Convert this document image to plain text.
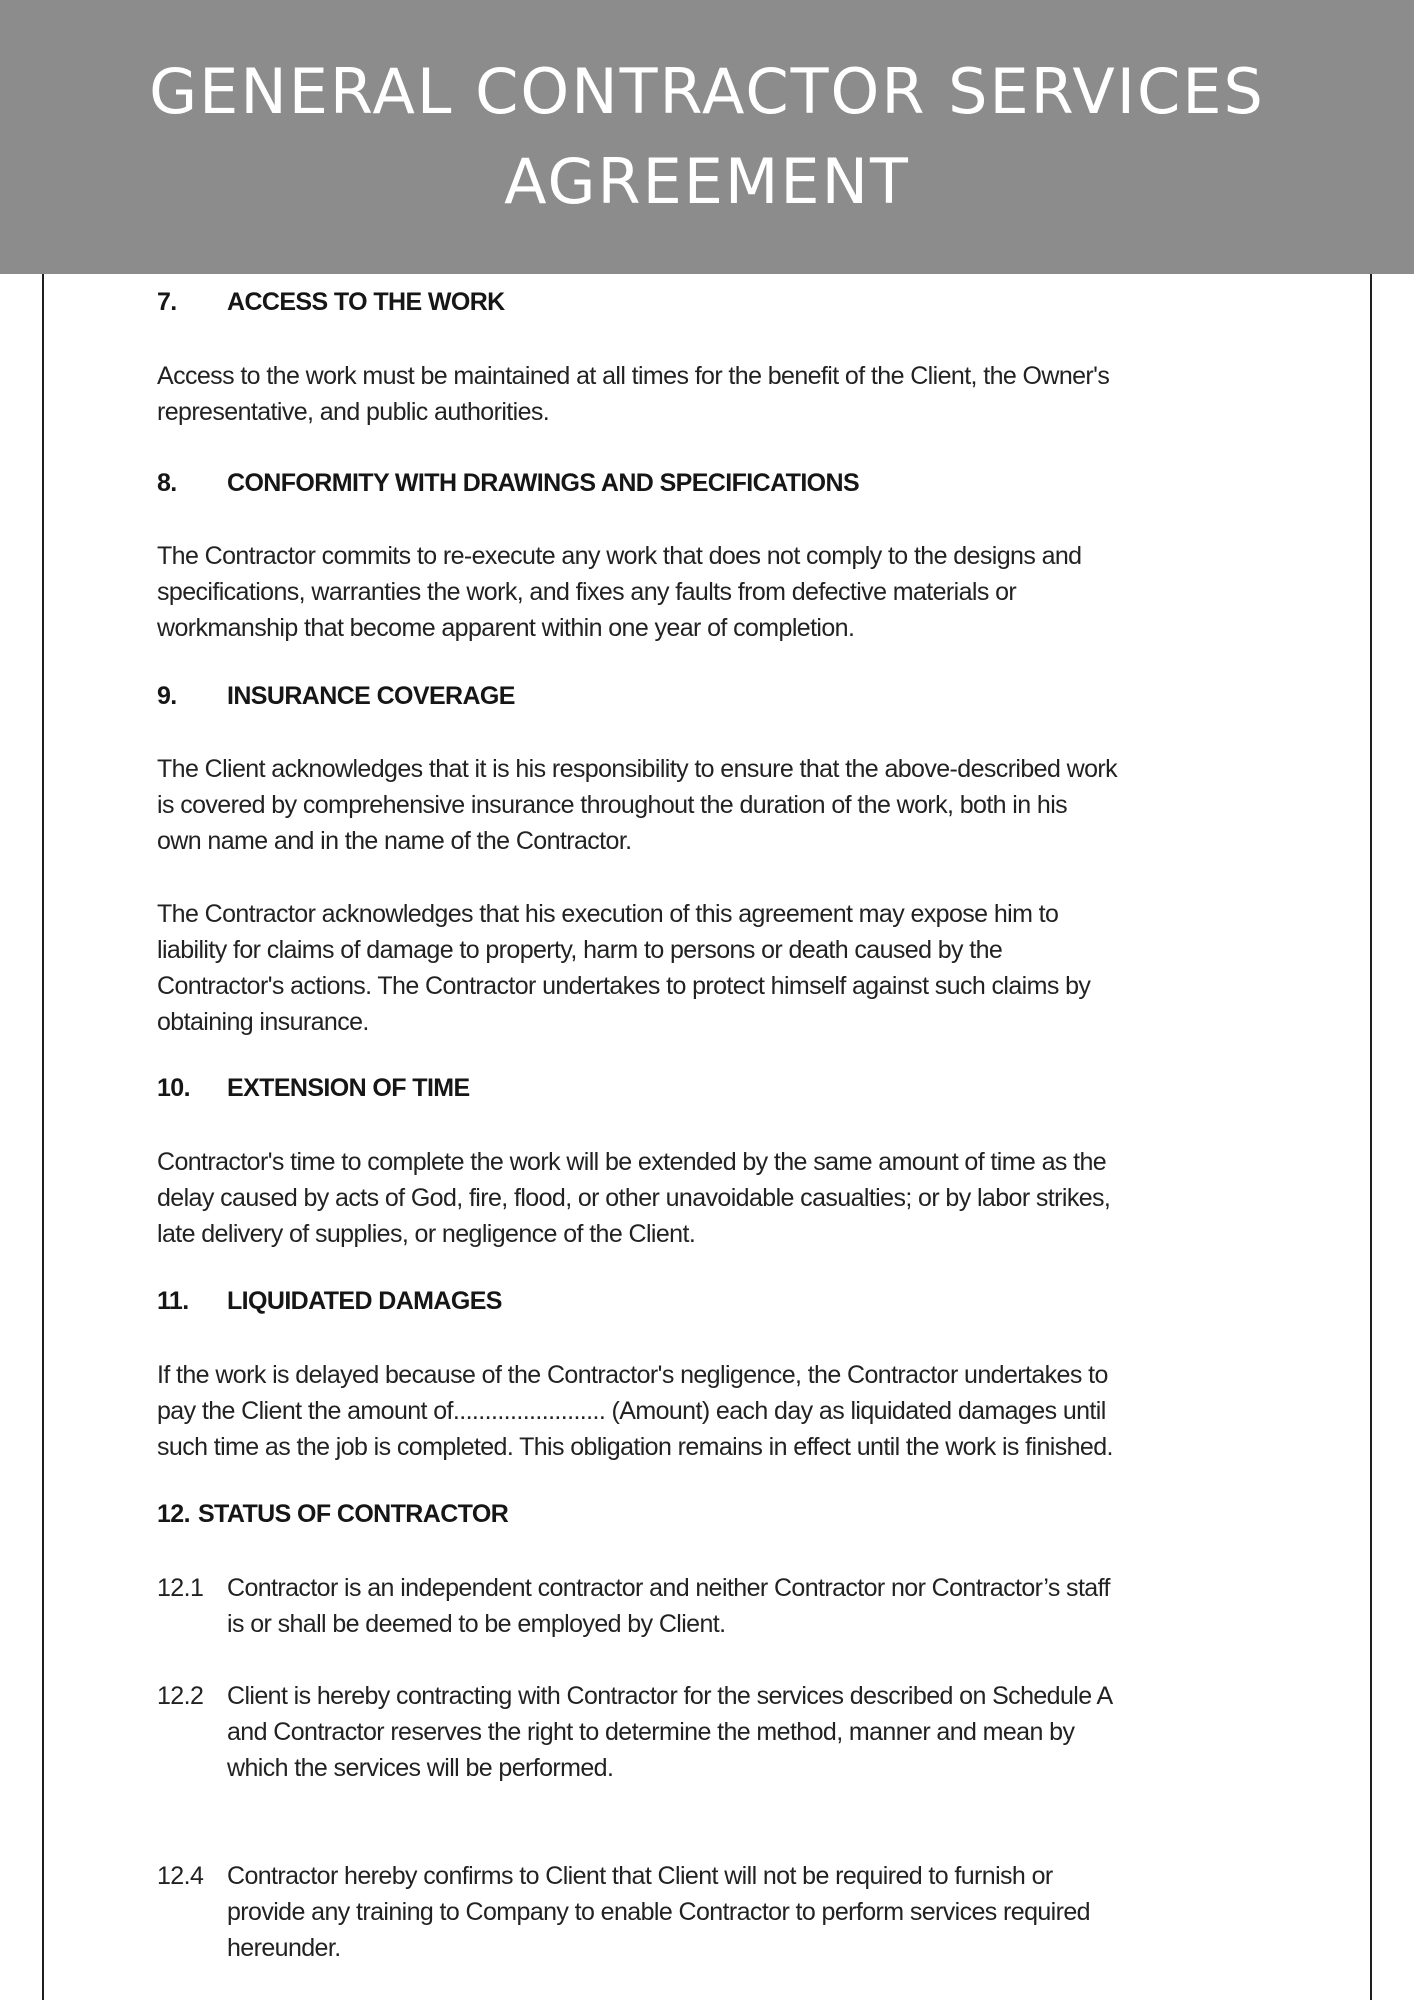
GENERAL CONTRACTOR SERVICES
AGREEMENT
7. ACCESS TO THE WORK

Access to the work must be maintained at all times for the benefit of the Client, the Owner's

representative, and public authorities.

8. CONFORMITY WITH DRAWINGS AND SPECIFICATIONS

The Contractor commits to re-execute any work that does not comply to the designs and

specifications, warranties the work, and fixes any faults from defective materials or

workmanship that become apparent within one year of completion.

9. INSURANCE COVERAGE

The Client acknowledges that it is his responsibility to ensure that the above-described work

is covered by comprehensive insurance throughout the duration of the work, both in his

own name and in the name of the Contractor.

The Contractor acknowledges that his execution of this agreement may expose him to

liability for claims of damage to property, harm to persons or death caused by the

Contractor's actions. The Contractor undertakes to protect himself against such claims by

obtaining insurance.

10. EXTENSION OF TIME

Contractor's time to complete the work will be extended by the same amount of time as the

delay caused by acts of God, fire, flood, or other unavoidable casualties; or by labor strikes,

late delivery of supplies, or negligence of the Client.

11. LIQUIDATED DAMAGES

If the work is delayed because of the Contractor's negligence, the Contractor undertakes to

pay the Client the amount of........................ (Amount) each day as liquidated damages until

such time as the job is completed. This obligation remains in effect until the work is finished.

12. STATUS OF CONTRACTOR
12.1 Contractor is an independent contractor and neither Contractor nor Contractor’s staff

is or shall be deemed to be employed by Client.

12.2 Client is hereby contracting with Contractor for the services described on Schedule A

and Contractor reserves the right to determine the method, manner and mean by

which the services will be performed.

12.4 Contractor hereby confirms to Client that Client will not be required to furnish or

provide any training to Company to enable Contractor to perform services required

hereunder.
